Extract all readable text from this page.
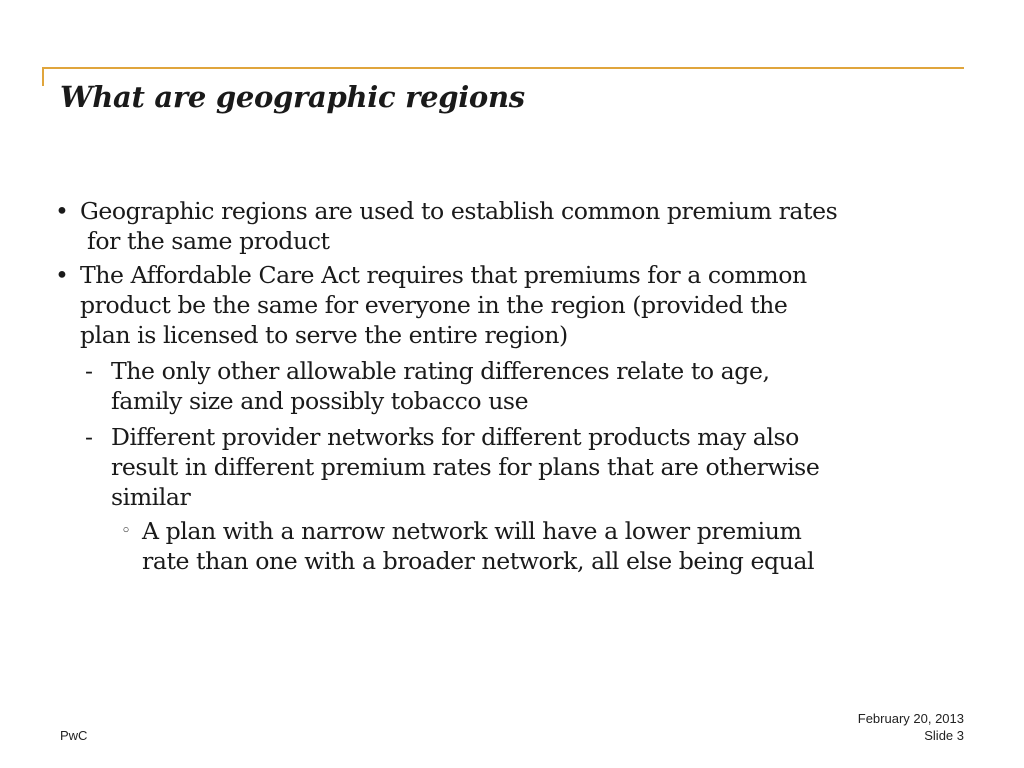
What are geographic regions
• Geographic regions are used to establish common premium rates
for the same product
• The Affordable Care Act requires that premiums for a common
product be the same for everyone in the region (provided the
plan is licensed to serve the entire region)
- The only other allowable rating differences relate to age,
family size and possibly tobacco use
- Different provider networks for different products may also
result in different premium rates for plans that are otherwise
similar
◦ A plan with a narrow network will have a lower premium
rate than one with a broader network, all else being equal
PwC
February 20, 2013
Slide 3
